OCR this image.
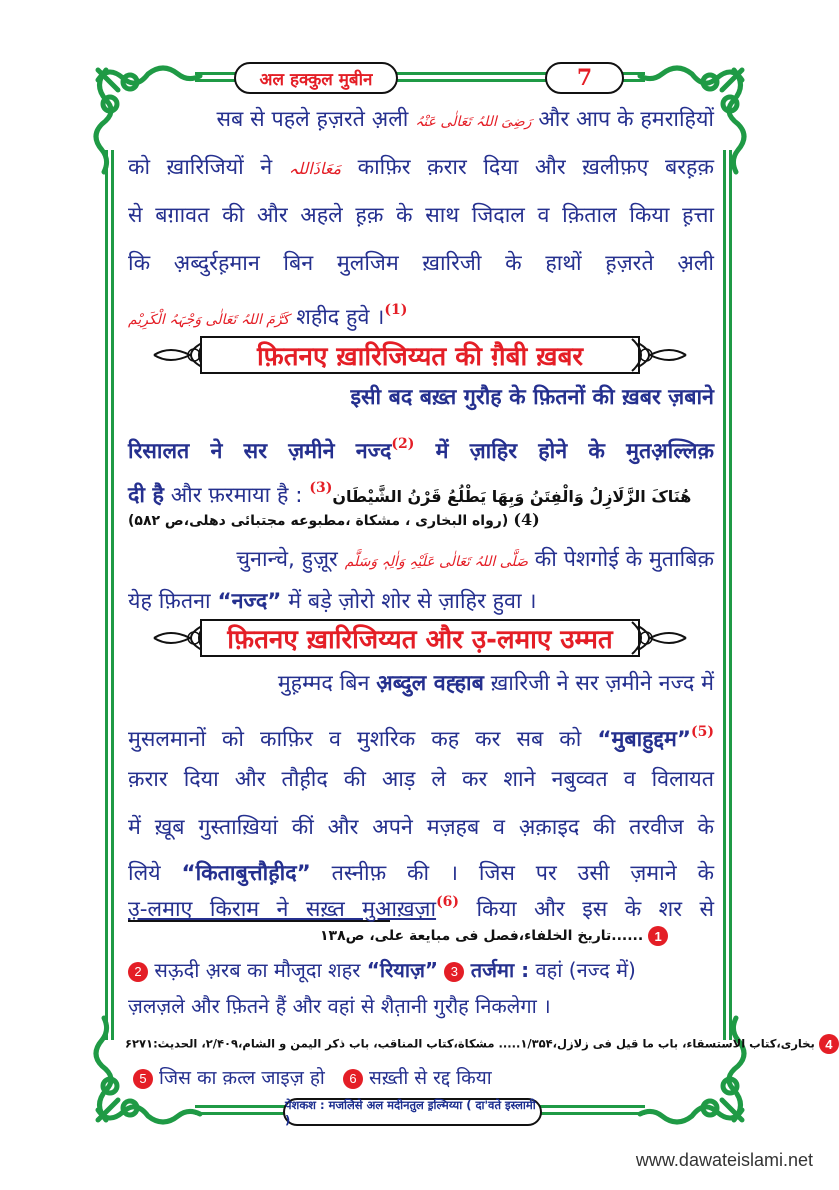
अल हक्कुल मुबीन	7
सब से पहले ह़ज़रते अ़ली رَضِیَ اللہُ تَعَالٰی عَنْہُ और आप के हमराहियों
को ख़ारिजियों ने مَعَاذَاللہ काफ़िर क़रार दिया और ख़लीफ़ए बरह़क़
से बग़ावत की और अहले ह़क़ के साथ जिदाल व क़िताल किया ह़त्ता
कि अ़ब्दुर्रह़मान बिन मुलजिम ख़ारिजी के हाथों ह़ज़रते अ़ली
کَرَّمَ اللہُ تَعَالٰی وَجْہَہُ الْکَرِیْم शहीद हुवे ।$^{(1)}$
फ़ितनए ख़ारिजिय्यत की ग़ैबी ख़बर
इसी बद बख़्त गुरौह के फ़ितनों की ख़बर ज़बाने
रिसालत ने सर ज़मीने नज्द$^{(2)}$ में ज़ाहिर होने के मुतअ़ल्लिक़
दी है और फ़रमाया है : ھُنَاکَ الزَّلَازِلُ وَالْفِتَنُ وَبِھَا یَطْلُعُ قَرْنُ الشَّیْطَان$^{(3)}$
(رواه البخاری ، مشکاة ،مطبوعه مجتبائی دهلی،ص ۵۸۲) (4)
चुनान्चे, हुज़ूर صَلَّی اللہُ تَعَالٰی عَلَیْہِ وَاٰلِہٖ وَسَلَّم की पेशगोई के मुताबिक़
येह फ़ितना “नज्द” में बड़े ज़ोरो शोर से ज़ाहिर हुवा ।
फ़ितनए ख़ारिजिय्यत और उ़-लमाए उम्मत
मुह़म्मद बिन अ़ब्दुल वह्हाब ख़ारिजी ने सर ज़मीने नज्द में
मुसलमानों को काफ़िर व मुशरिक कह कर सब को “मुबाहुद्दम”$^{(5)}$
क़रार दिया और तौह़ीद की आड़ ले कर शाने नबुव्वत व विलायत
में ख़ूब गुस्ताख़ियां कीं और अपने मज़हब व अ़क़ाइद की तरवीज के
लिये “किताबुत्तौह़ीद” तस्नीफ़ की । जिस पर उसी ज़माने के
تاریخ الخلفاء،فصل فی مبایعة علی، ص۱۳۸...... 1
2 सऊ़दी अ़रब का मौजूदा शहर “रियाज़” 3 तर्जमा : वहां (नज्द में)
ज़लज़ले और फ़ितने हैं और वहां से शैत़ानी गुरौह निकलेगा ।
بخاری،کتاب الاستسقاء، باب ما قیل فی زلازل،۱/۳۵۴..... مشکاة،کتاب المناقب، باب ذکر الیمن و الشام،۲/۴۰۹، الحدیث:۶۲۷۱ 4
5 जिस का क़त्ल जाइज़ हो 6 सख़्ती से रद्द किया
पेशकश : मजलिसे अल मदीनतुल इ़ल्मिय्या ( दा'वते इस्लामी )
www.dawateislami.net
उ़-लमाए किराम ने सख़्त मुआख़ज़ा$^{(6)}$ किया और इस के शर से
